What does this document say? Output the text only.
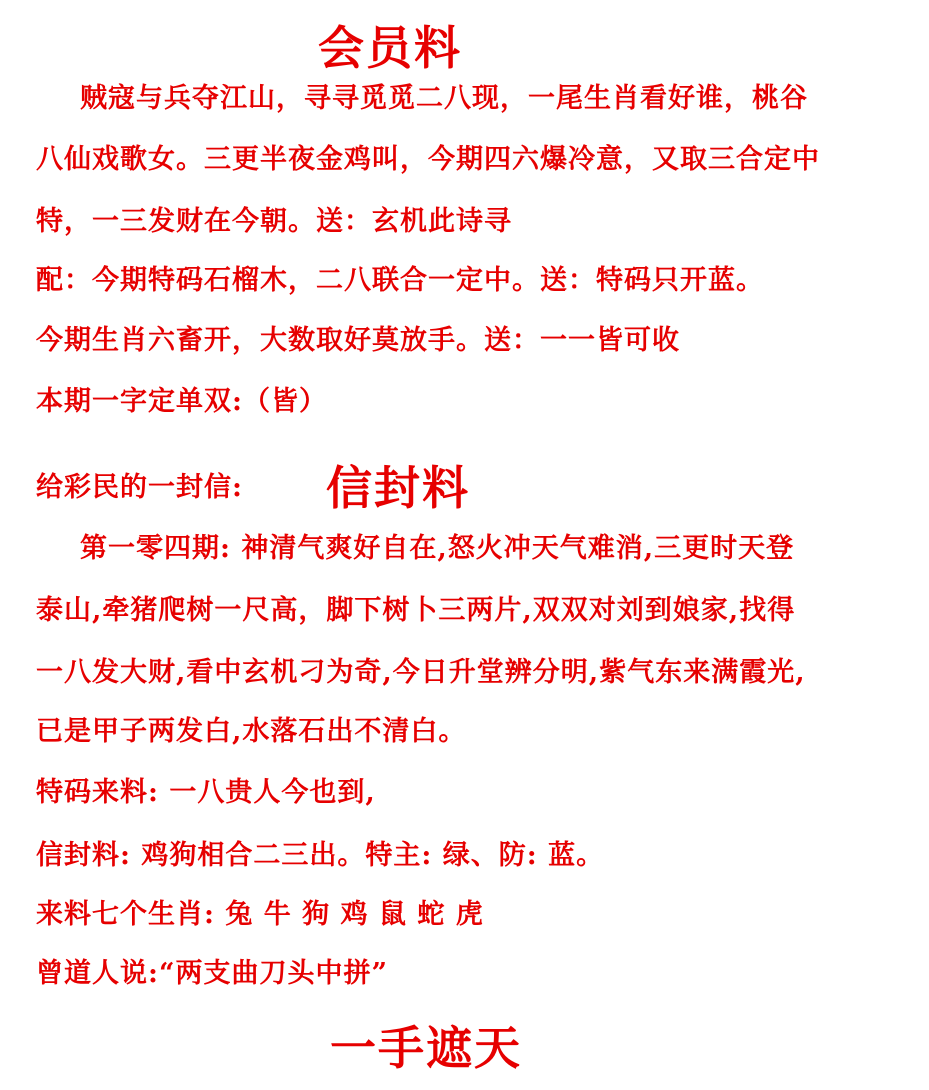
会员料
贼寇与兵夺江山，寻寻觅觅二八现，一尾生肖看好谁，桃谷
八仙戏歌女。三更半夜金鸡叫，今期四六爆冷意，又取三合定中
特，一三发财在今朝。送：玄机此诗寻
配：今期特码石榴木，二八联合一定中。送：特码只开蓝。
今期生肖六畜开，大数取好莫放手。送：一一皆可收
本期一字定单双:（皆）
给彩民的一封信: 信封料
第一零四期: 神清气爽好自在,怒火冲天气难消,三更时天登
泰山,牵猪爬树一尺高，脚下树卜三两片,双双对刘到娘家,找得
一八发大财,看中玄机刁为奇,今日升堂辨分明,紫气东来满霞光,
已是甲子两发白,水落石出不清白。
特码来料: 一八贵人今也到,
信封料: 鸡狗相合二三出。特主: 绿、防: 蓝。
来料七个生肖: 兔 牛 狗 鸡 鼠 蛇 虎
曾道人说:“两支曲刀头中拼”
一手遮天
